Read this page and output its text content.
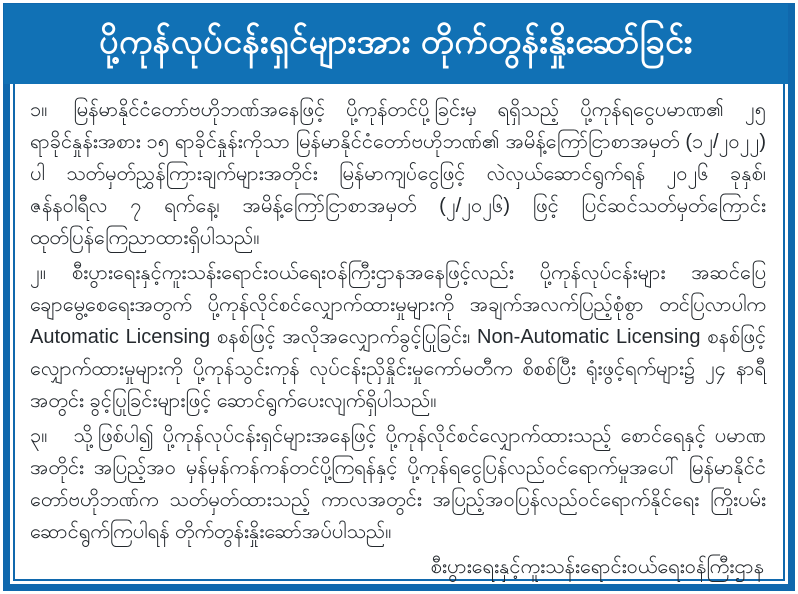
ပို့ကုန်လုပ်ငန်းရှင်များအား တိုက်တွန်းနှိုးဆော်ခြင်း

၁။ မြန်မာနိုင်ငံတော်ဗဟိုဘဏ်အနေဖြင့် ပို့ကုန်တင်ပို့ခြင်းမှ ရရှိသည့် ပို့ကုန်ရငွေပမာဏ၏ ၂၅ ရာခိုင်နှုန်းအစား ၁၅ ရာခိုင်နှုန်းကိုသာ မြန်မာနိုင်ငံတော်ဗဟိုဘဏ်၏ အမိန့်ကြော်ငြာစာအမှတ် (၁၂/၂၀၂၂) ပါ သတ်မှတ်ညွှန်ကြားချက်များအတိုင်း မြန်မာကျပ်ငွေဖြင့် လဲလှယ်ဆောင်ရွက်ရန် ၂၀၂၆ ခုနှစ်၊ ဇန်နဝါရီလ ၇ ရက်နေ့၊ အမိန့်ကြော်ငြာစာအမှတ် (၂/၂၀၂၆) ဖြင့် ပြင်ဆင်သတ်မှတ်ကြောင်း ထုတ်ပြန်ကြေညာထားရှိပါသည်။

၂။ စီးပွားရေးနှင့်ကူးသန်းရောင်းဝယ်ရေးဝန်ကြီးဌာနအနေဖြင့်လည်း ပို့ကုန်လုပ်ငန်းများ အဆင်ပြေချောမွေ့စေရေးအတွက် ပို့ကုန်လိုင်စင်လျှောက်ထားမှုများကို အချက်အလက်ပြည့်စုံစွာ တင်ပြလာပါက Automatic Licensing စနစ်ဖြင့် အလိုအလျှောက်ခွင့်ပြုခြင်း၊ Non-Automatic Licensing စနစ်ဖြင့် လျှောက်ထားမှုများကို ပို့ကုန်သွင်းကုန် လုပ်ငန်းညှိနှိုင်းမှုကော်မတီက စိစစ်ပြီး ရုံးဖွင့်ရက်များ၌ ၂၄ နာရီအတွင်း ခွင့်ပြုခြင်းများဖြင့် ဆောင်ရွက်ပေးလျက်ရှိပါသည်။

၃။ သို့ဖြစ်ပါ၍ ပို့ကုန်လုပ်ငန်းရှင်များအနေဖြင့် ပို့ကုန်လိုင်စင်လျှောက်ထားသည့် စောင်ရေနှင့် ပမာဏအတိုင်း အပြည့်အဝ မှန်မှန်ကန်ကန်တင်ပို့ကြရန်နှင့် ပို့ကုန်ရငွေပြန်လည်ဝင်ရောက်မှုအပေါ် မြန်မာနိုင်ငံတော်ဗဟိုဘဏ်က သတ်မှတ်ထားသည့် ကာလအတွင်း အပြည့်အဝပြန်လည်ဝင်ရောက်နိုင်ရေး ကြိုးပမ်းဆောင်ရွက်ကြပါရန် တိုက်တွန်းနှိုးဆော်အပ်ပါသည်။

စီးပွားရေးနှင့်ကူးသန်းရောင်းဝယ်ရေးဝန်ကြီးဌာန
